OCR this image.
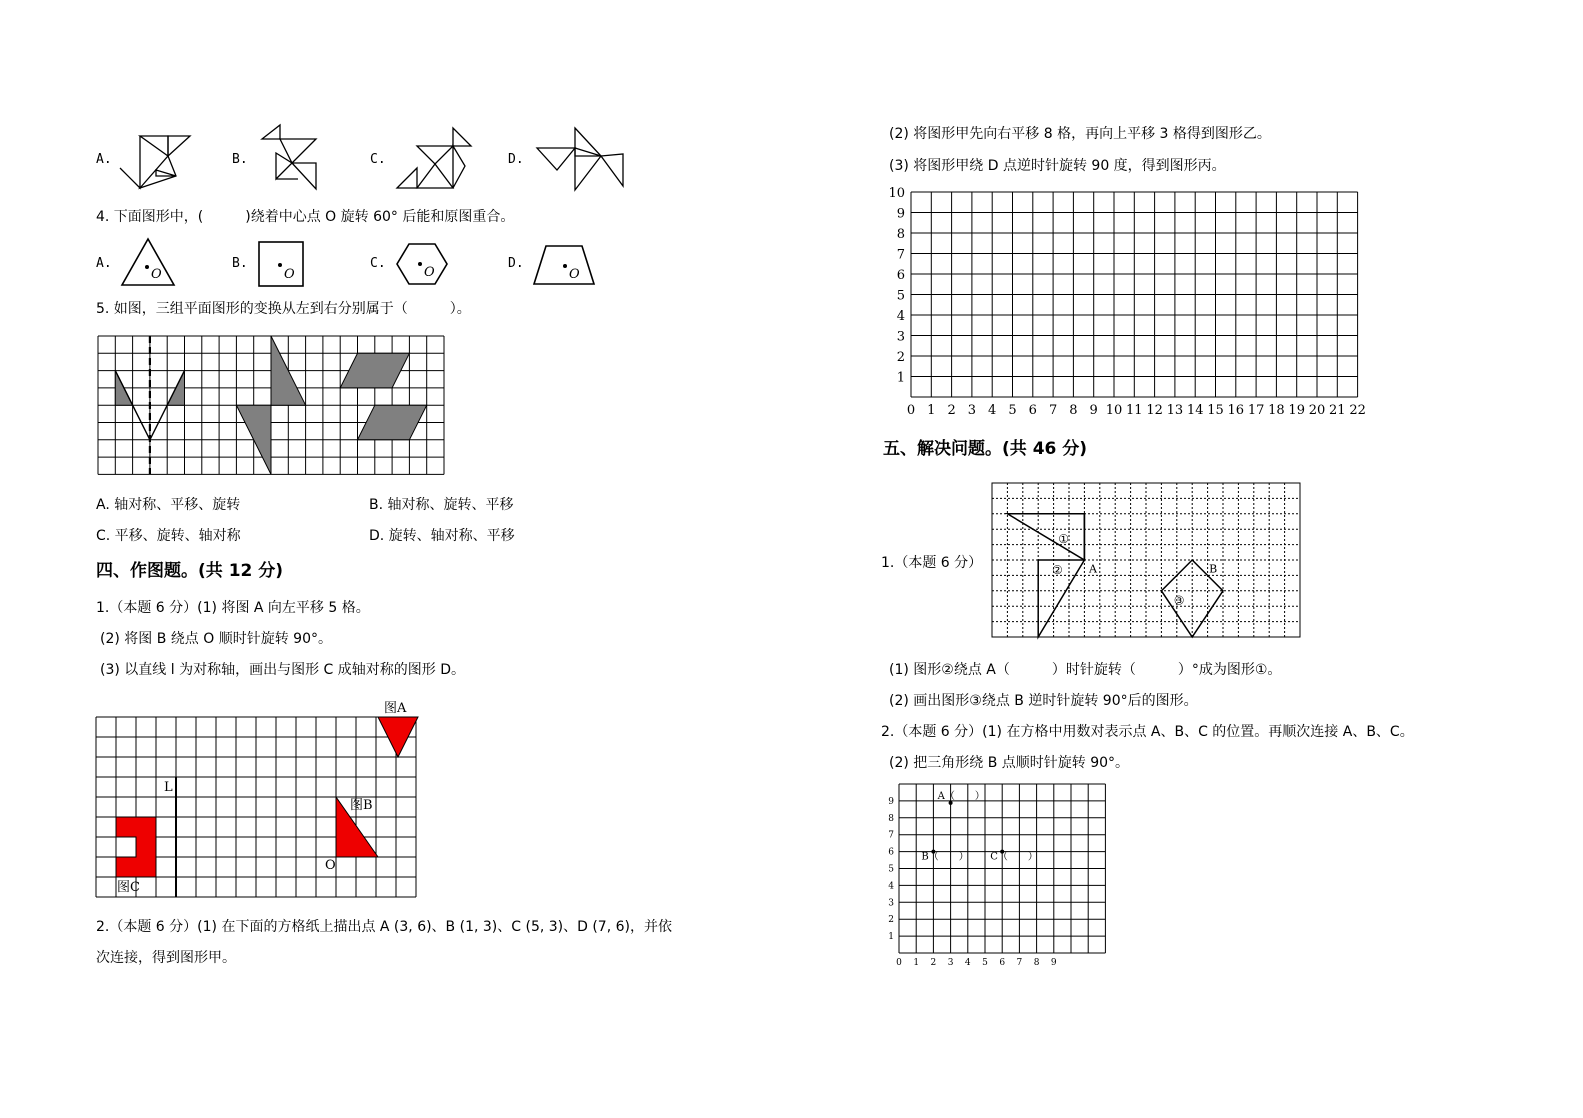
A.	B.	C.	D.
4. 下面图形中，(　　　)绕着中心点 O 旋转 60° 后能和原图重合。
A.	B.	C.	D.
O	O	O	O
5. 如图，三组平面图形的变换从左到右分别属于（　　　）。
A. 轴对称、平移、旋转	B. 轴对称、旋转、平移
C. 平移、旋转、轴对称	D. 旋转、轴对称、平移
四、作图题。(共 12 分)
1.（本题 6 分）(1) 将图 A 向左平移 5 格。
(2) 将图 B 绕点 O 顺时针旋转 90°。
(3) 以直线 l 为对称轴，画出与图形 C 成轴对称的图形 D。
L
图A
图B
O
图C
2.（本题 6 分）(1) 在下面的方格纸上描出点 A (3, 6)、B (1, 3)、C (5, 3)、D (7, 6)，并依
次连接，得到图形甲。
(2) 将图形甲先向右平移 8 格，再向上平移 3 格得到图形乙。
(3) 将图形甲绕 D 点逆时针旋转 90 度，得到图形丙。
0 1 2 3 4 5 6 7 8 9 10 11 12 13 14 15 16 17 18 19 20 21 22
1
2
3
4
5
6
7
8
9
10
五、解决问题。(共 46 分)
1.（本题 6 分）
①
② A
③
B
(1) 图形②绕点 A（　　　）时针旋转（　　　）°成为图形①。
(2) 画出图形③绕点 B 逆时针旋转 90°后的图形。
2.（本题 6 分）(1) 在方格中用数对表示点 A、B、C 的位置。再顺次连接 A、B、C。
(2) 把三角形绕 B 点顺时针旋转 90°。
0 1 2 3 4 5 6 7 8 9
1
2
3
4
5
6
7
8
9	A（　　）
B（　　） C（　　）
